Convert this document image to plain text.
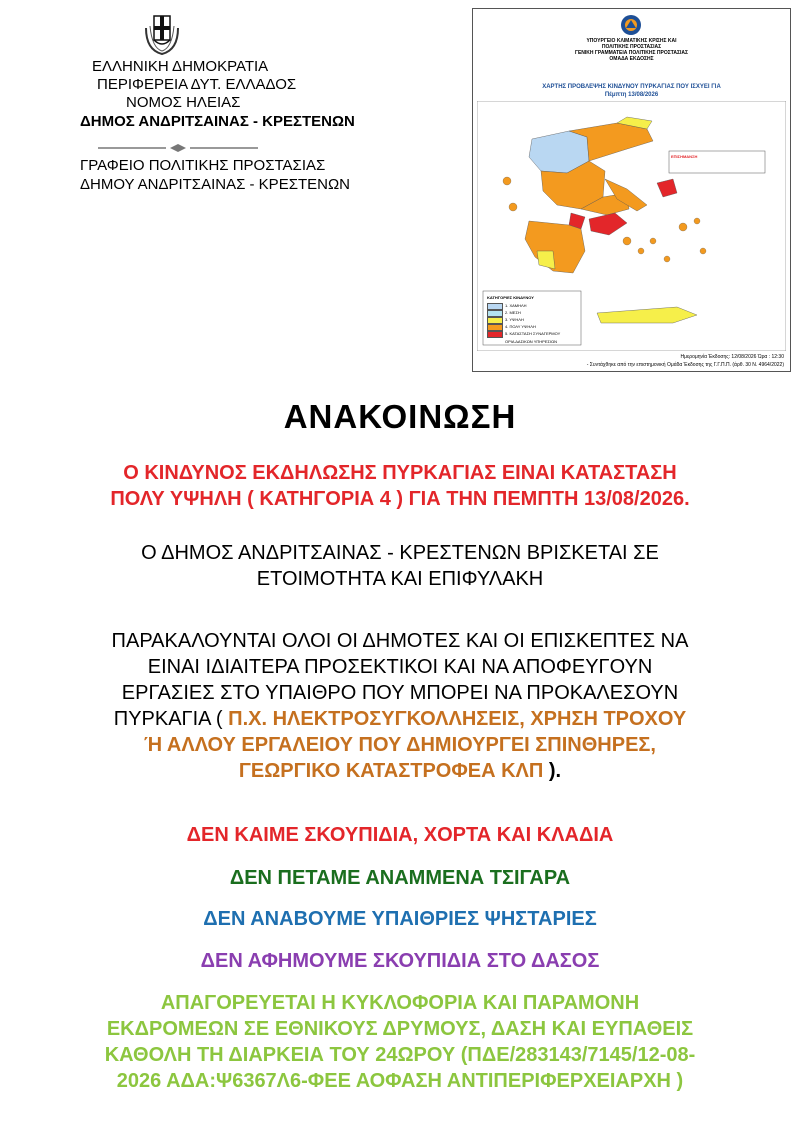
ΕΛΛΗΝΙΚΗ ΔΗΜΟΚΡΑΤΙΑ
ΠΕΡΙΦΕΡΕΙΑ ΔΥΤ. ΕΛΛΑΔΟΣ
ΝΟΜΟΣ ΗΛΕΙΑΣ
ΔΗΜΟΣ ΑΝΔΡΙΤΣΑΙΝΑΣ - ΚΡΕΣΤΕΝΩΝ
ΓΡΑΦΕΙΟ ΠΟΛΙΤΙΚΗΣ ΠΡΟΣΤΑΣΙΑΣ
ΔΗΜΟΥ ΑΝΔΡΙΤΣΑΙΝΑΣ - ΚΡΕΣΤΕΝΩΝ
ΥΠΟΥΡΓΕΙΟ ΚΛΙΜΑΤΙΚΗΣ ΚΡΙΣΗΣ ΚΑΙ
ΠΟΛΙΤΙΚΗΣ ΠΡΟΣΤΑΣΙΑΣ
ΓΕΝΙΚΗ ΓΡΑΜΜΑΤΕΙΑ ΠΟΛΙΤΙΚΗΣ ΠΡΟΣΤΑΣΙΑΣ
ΟΜΑΔΑ ΕΚΔΟΣΗΣ
ΧΑΡΤΗΣ ΠΡΟΒΛΕΨΗΣ ΚΙΝΔΥΝΟΥ ΠΥΡΚΑΓΙΑΣ ΠΟΥ ΙΣΧΥΕΙ ΓΙΑ
Πέμπτη 13/08/2026
ΕΠΙΣΗΜΑΝΣΗ
ΚΑΤΗΓΟΡΙΕΣ ΚΙΝΔΥΝΟΥ
1. ΧΑΜΗΛΗ
2. ΜΕΣΗ
3. ΥΨΗΛΗ
4. ΠΟΛΥ ΥΨΗΛΗ
5. ΚΑΤΑΣΤΑΣΗ ΣΥΝΑΓΕΡΜΟΥ
ΟΡΙΑ ΔΑΣΙΚΩΝ ΥΠΗΡΕΣΙΩΝ
Ημερομηνία Έκδοσης: 12/08/2026 Ώρα : 12:30
- Συντάχθηκε από την επιστημονική Ομάδα Έκδοσης της Γ.Γ.Π.Π. (άρθ. 30 Ν. 4964/2022)
ΑΝΑΚΟΙΝΩΣΗ
Ο ΚΙΝΔΥΝΟΣ ΕΚΔΗΛΩΣΗΣ ΠΥΡΚΑΓΙΑΣ ΕΙΝΑΙ ΚΑΤΑΣΤΑΣΗ
ΠΟΛΥ ΥΨΗΛΗ ( ΚΑΤΗΓΟΡΙΑ 4 ) ΓΙΑ ΤΗΝ ΠΕΜΠΤΗ 13/08/2026.
Ο ΔΗΜΟΣ ΑΝΔΡΙΤΣΑΙΝΑΣ - ΚΡΕΣΤΕΝΩΝ ΒΡΙΣΚΕΤΑΙ ΣΕ
ΕΤΟΙΜΟΤΗΤΑ ΚΑΙ ΕΠΙΦΥΛΑΚΗ
ΠΑΡΑΚΑΛΟΥΝΤΑΙ ΟΛΟΙ ΟΙ ΔΗΜΟΤΕΣ ΚΑΙ ΟΙ ΕΠΙΣΚΕΠΤΕΣ ΝΑ
ΕΙΝΑΙ ΙΔΙΑΙΤΕΡΑ ΠΡΟΣΕΚΤΙΚΟΙ ΚΑΙ ΝΑ ΑΠΟΦΕΥΓΟΥΝ
ΕΡΓΑΣΙΕΣ ΣΤΟ ΥΠΑΙΘΡΟ ΠΟΥ ΜΠΟΡΕΙ ΝΑ ΠΡΟΚΑΛΕΣΟΥΝ
ΠΥΡΚΑΓΙΑ ( Π.Χ. ΗΛΕΚΤΡΟΣΥΓΚΟΛΛΗΣΕΙΣ, ΧΡΗΣΗ ΤΡΟΧΟΥ
Ή ΑΛΛΟΥ ΕΡΓΑΛΕΙΟΥ ΠΟΥ ΔΗΜΙΟΥΡΓΕΙ ΣΠΙΝΘΗΡΕΣ,
ΓΕΩΡΓΙΚΟ ΚΑΤΑΣΤΡΟΦΕΑ ΚΛΠ ).
ΔΕΝ ΚΑΙΜΕ ΣΚΟΥΠΙΔΙΑ, ΧΟΡΤΑ ΚΑΙ ΚΛΑΔΙΑ
ΔΕΝ ΠΕΤΑΜΕ ΑΝΑΜΜΕΝΑ ΤΣΙΓΑΡΑ
ΔΕΝ ΑΝΑΒΟΥΜΕ ΥΠΑΙΘΡΙΕΣ ΨΗΣΤΑΡΙΕΣ
ΔΕΝ ΑΦΗΜΟΥΜΕ ΣΚΟΥΠΙΔΙΑ ΣΤΟ ΔΑΣΟΣ
ΑΠΑΓΟΡΕΥΕΤΑΙ Η ΚΥΚΛΟΦΟΡΙΑ ΚΑΙ ΠΑΡΑΜΟΝΗ
ΕΚΔΡΟΜΕΩΝ ΣΕ ΕΘΝΙΚΟΥΣ ΔΡΥΜΟΥΣ, ΔΑΣΗ ΚΑΙ ΕΥΠΑΘΕΙΣ
ΚΑΘΟΛΗ ΤΗ ΔΙΑΡΚΕΙΑ ΤΟΥ 24ΩΡΟΥ (ΠΔΕ/283143/7145/12-08-
2026 ΑΔΑ:Ψ6367Λ6-ΦΕΕ ΑΟΦΑΣΗ ΑΝΤΙΠΕΡΙΦΕΡΧΕΙΑΡΧΗ )
